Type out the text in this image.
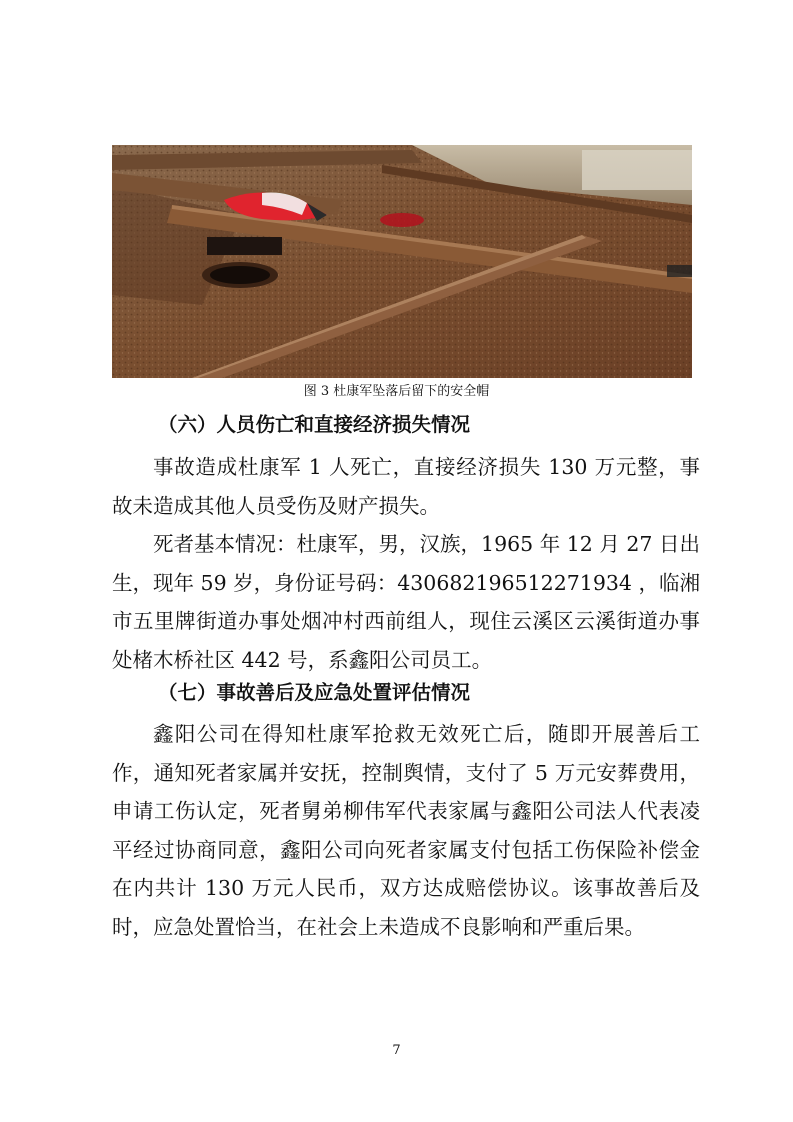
图 3 杜康军坠落后留下的安全帽
（六）人员伤亡和直接经济损失情况
事故造成杜康军 1 人死亡，直接经济损失 130 万元整，事故未造成其他人员受伤及财产损失。
死者基本情况：杜康军，男，汉族，1965 年 12 月 27 日出生，现年 59 岁，身份证号码：430682196512271934 ，临湘市五里牌街道办事处烟冲村西前组人，现住云溪区云溪街道办事处楮木桥社区 442 号，系鑫阳公司员工。
（七）事故善后及应急处置评估情况
鑫阳公司在得知杜康军抢救无效死亡后，随即开展善后工作，通知死者家属并安抚，控制舆情，支付了 5 万元安葬费用，申请工伤认定，死者舅弟柳伟军代表家属与鑫阳公司法人代表凌平经过协商同意，鑫阳公司向死者家属支付包括工伤保险补偿金在内共计 130 万元人民币，双方达成赔偿协议。该事故善后及时，应急处置恰当，在社会上未造成不良影响和严重后果。
7
